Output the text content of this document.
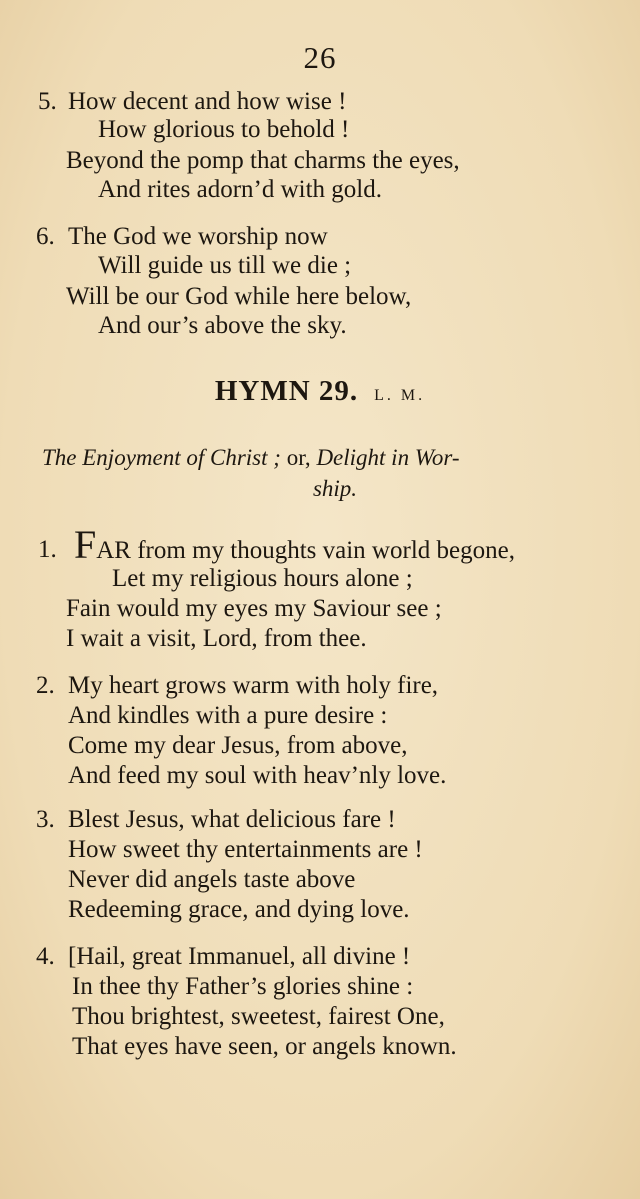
26
5. How decent and how wise !
How glorious to behold !
Beyond the pomp that charms the eyes,
And rites adorn’d with gold.
6. The God we worship now
Will guide us till we die ;
Will be our God while here below,
And our’s above the sky.
HYMN 29. L. M.
The Enjoyment of Christ ; or, Delight in Wor-
ship.
1. FAR from my thoughts vain world begone,
Let my religious hours alone ;
Fain would my eyes my Saviour see ;
I wait a visit, Lord, from thee.
2. My heart grows warm with holy fire,
And kindles with a pure desire :
Come my dear Jesus, from above,
And feed my soul with heav’nly love.
3. Blest Jesus, what delicious fare !
How sweet thy entertainments are !
Never did angels taste above
Redeeming grace, and dying love.
4. [Hail, great Immanuel, all divine !
In thee thy Father’s glories shine :
Thou brightest, sweetest, fairest One,
That eyes have seen, or angels known.
